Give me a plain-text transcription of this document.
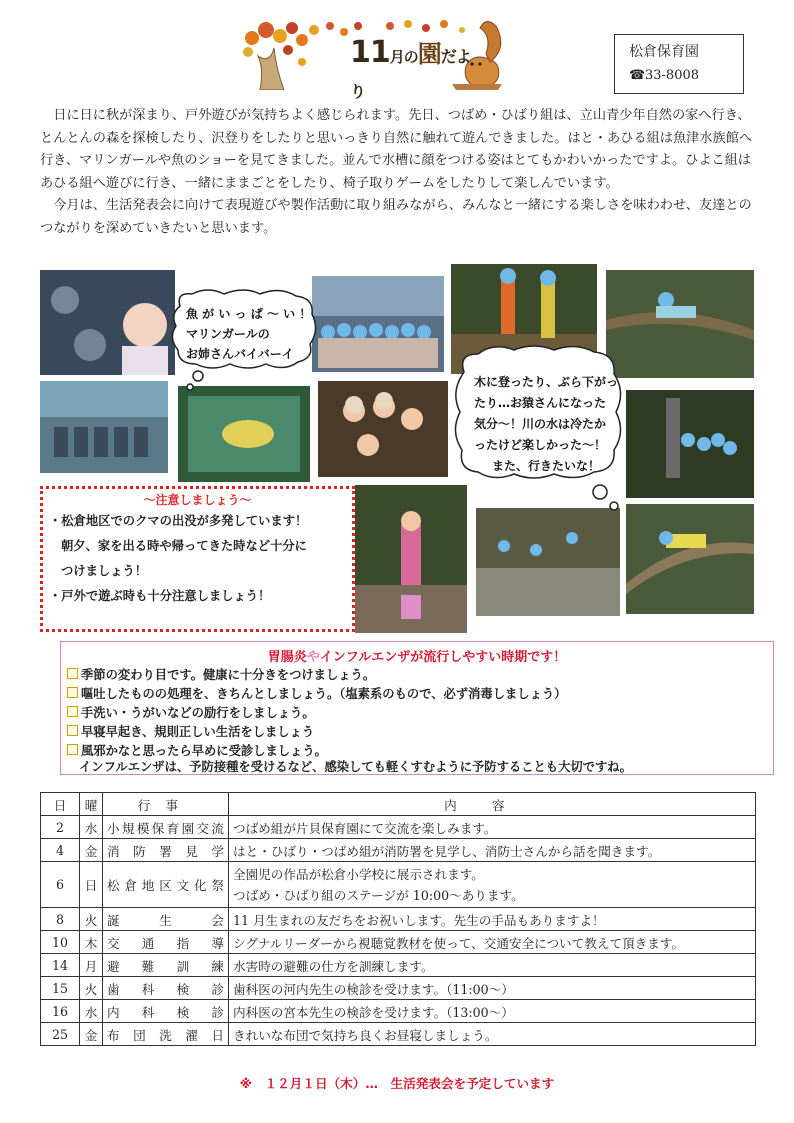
11月の園だより
松倉保育園
☎ 33-8008

日に日に秋が深まり、戸外遊びが気持ちよく感じられます。先日、つばめ・ひばり組は、立山青少年自然の家へ行き、とんとんの森を探検したり、沢登りをしたりと思いっきり自然に触れて遊んできました。はと・あひる組は魚津水族館へ行き、マリンガールや魚のショーを見てきました。並んで水槽に顔をつける姿はとてもかわいかったですよ。ひよこ組はあひる組へ遊びに行き、一緒にままごとをしたり、椅子取りゲームをしたりして楽しんでいます。

今月は、生活発表会に向けて表現遊びや製作活動に取り組みながら、みんなと一緒にする楽しさを味わわせ、友達とのつながりを深めていきたいと思います。

魚 が い っ ぱ ～ い ！
マリンガールの
お姉さんバイバーイ
木に登ったり、ぶら下がっ
たり…お猿さんになった
気分～！川の水は冷たか
ったけど楽しかった～！
また、行きたいな！
～注意しましょう～
・松倉地区でのクマの出没が多発しています！
朝夕、家を出る時や帰ってきた時など十分に
つけましょう！
・戸外で遊ぶ時も十分注意しましょう！
胃腸炎やインフルエンザが流行しやすい時期です！
季節の変わり目です。健康に十分きをつけましょう。
嘔吐したものの処理を、きちんとしましょう。（塩素系のもので、必ず消毒しましょう）
手洗い・うがいなどの励行をしましょう。
早寝早起き、規則正しい生活をしましょう
風邪かなと思ったら早めに受診しましょう。
インフルエンザは、予防接種を受けるなど、感染しても軽くすむように予防することも大切ですね。
日	曜	行事	内容
2	水	小規模保育園交流	つばめ組が片貝保育園にて交流を楽しみます。
4	金	消防署見学	はと・ひばり・つばめ組が消防署を見学し、消防士さんから話を聞きます。
6	日	松倉地区文化祭	全園児の作品が松倉小学校に展示されます。
つばめ・ひばり組のステージが 10:00～あります。

8	火	誕生会	11 月生まれの友だちをお祝いします。先生の手品もありますよ！
10	木	交通指導	シグナルリーダーから視聴覚教材を使って、交通安全について教えて頂きます。
14	月	避難訓練	水害時の避難の仕方を訓練します。
15	火	歯科検診	歯科医の河内先生の検診を受けます。（11:00～）
16	水	内科検診	内科医の宮本先生の検診を受けます。（13:00～）
25	金	布団洗濯日	きれいな布団で気持ち良くお昼寝しましょう。
※　１２月１日（木）…　生活発表会を予定しています
